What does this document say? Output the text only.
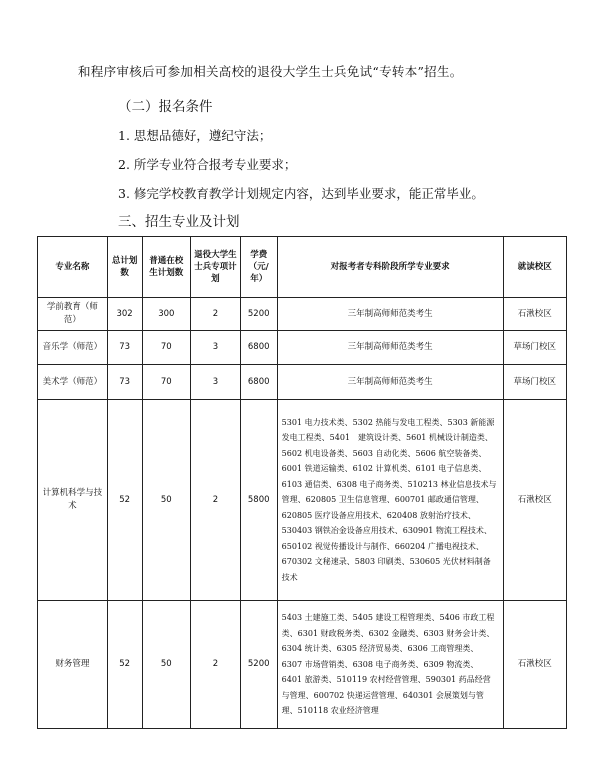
和程序审核后可参加相关高校的退役大学生士兵免试“专转本”招生。
（二）报名条件
1. 思想品德好，遵纪守法；
2. 所学专业符合报考专业要求；
3. 修完学校教育教学计划规定内容，达到毕业要求，能正常毕业。
三、招生专业及计划
专业名称	总计划数	普通在校生计划数	退役大学生士兵专项计划	学费（元/年）	对报考者专科阶段所学专业要求	就读校区
学前教育（师范）	302	300	2	5200	三年制高师师范类考生	石湫校区
音乐学（师范）	73	70	3	6800	三年制高师师范类考生	草场门校区
美术学（师范）	73	70	3	6800	三年制高师师范类考生	草场门校区
计算机科学与技术	52	50	2	5800	5301 电力技术类、5302 热能与发电工程类、5303 新能源发电工程类、5401　建筑设计类、5601 机械设计制造类、5602 机电设备类、5603 自动化类、5606 航空装备类、6001 铁道运输类、6102 计算机类、6101 电子信息类、6103 通信类、6308 电子商务类、510213 林业信息技术与管理、620805 卫生信息管理、600701 邮政通信管理、620805 医疗设备应用技术、620408 放射治疗技术、530403 钢铁冶金设备应用技术、630901 物流工程技术、650102 视觉传播设计与制作、660204 广播电视技术、670302 文秘速录、5803 印刷类、530605 光伏材料制备技术	石湫校区
财务管理	52	50	2	5200	5403 土建施工类、5405 建设工程管理类、5406 市政工程类、6301 财政税务类、6302 金融类、6303 财务会计类、6304 统计类、6305 经济贸易类、6306 工商管理类、6307 市场营销类、6308 电子商务类、6309 物流类、6401 旅游类、510119 农村经营管理、590301 药品经营与管理、600702 快递运营管理、640301 会展策划与管理、510118 农业经济管理	石湫校区
